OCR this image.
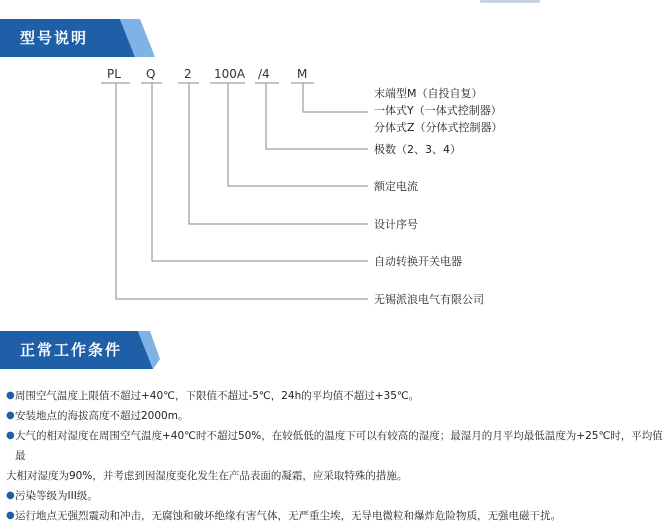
型号说明
PL Q 2 100A /4 M
末端型M（自投自复）
一体式Y（一体式控制器）
分体式Z（分体式控制器）
极数（2、3、4）
额定电流
设计序号
自动转换开关电器
无锡派浪电气有限公司
正常工作条件
● 周围空气温度上限值不超过+40℃，下限值不超过-5℃，24h的平均值不超过+35℃。
● 安装地点的海拔高度不超过2000m。
● 大气的相对湿度在周围空气温度+40℃时不超过50%，在较低低的温度下可以有较高的湿度；最湿月的月平均最低温度为+25℃时，平均值最
大相对湿度为90%，并考虑到因湿度变化发生在产品表面的凝霜，应采取特殊的措施。
● 污染等级为III级。
● 运行地点无强烈震动和冲击，无腐蚀和破坏绝缘有害气体，无严重尘埃，无导电微粒和爆炸危险物质，无强电磁干扰。
